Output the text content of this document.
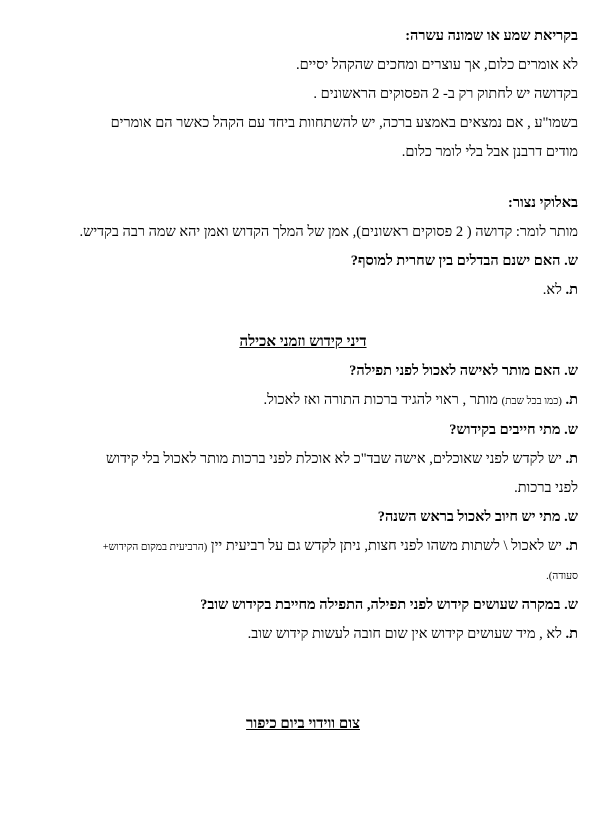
בקריאת שמע או שמונה עשרה:
לא אומרים כלום, אך עוצרים ומחכים שהקהל יסיים.
בקדושה יש לחתוק רק ב- 2 הפסוקים הראשונים .
בשמו"ע , אם נמצאים באמצע ברכה, יש להשתחוות ביחד עם הקהל כאשר הם אומרים
מודים דרבנן אבל בלי לומר כלום.
באלוקי נצור:
מותר לומר: קדושה ( 2 פסוקים ראשונים), אמן של המלך הקדוש ואמן יהא שמה רבה בקדיש.
ש. האם ישנם הבדלים בין שחרית למוסף?
ת. לא.
דיני קידוש וזמני אכילה
ש. האם מותר לאישה לאכול לפני תפילה?
ת. (כמו בכל שבת) מותר , ראוי להגיד ברכות התורה ואז לאכול.
ש. מתי חייבים בקידוש?
ת. יש לקדש לפני שאוכלים, אישה שבד"כ לא אוכלת לפני ברכות מותר לאכול בלי קידוש
לפני ברכות.
ש. מתי יש חיוב לאכול בראש השנה?
ת. יש לאכול \ לשתות משהו לפני חצות, ניתן לקדש גם על רביעית יין (הרביעית במקום הקידוש+
סעודה).
ש. במקרה שעושים קידוש לפני תפילה, התפילה מחייבת בקידוש שוב?
ת. לא , מיד שעושים קידוש אין שום חובה לעשות קידוש שוב.
צום ווידוי ביום כיפור
